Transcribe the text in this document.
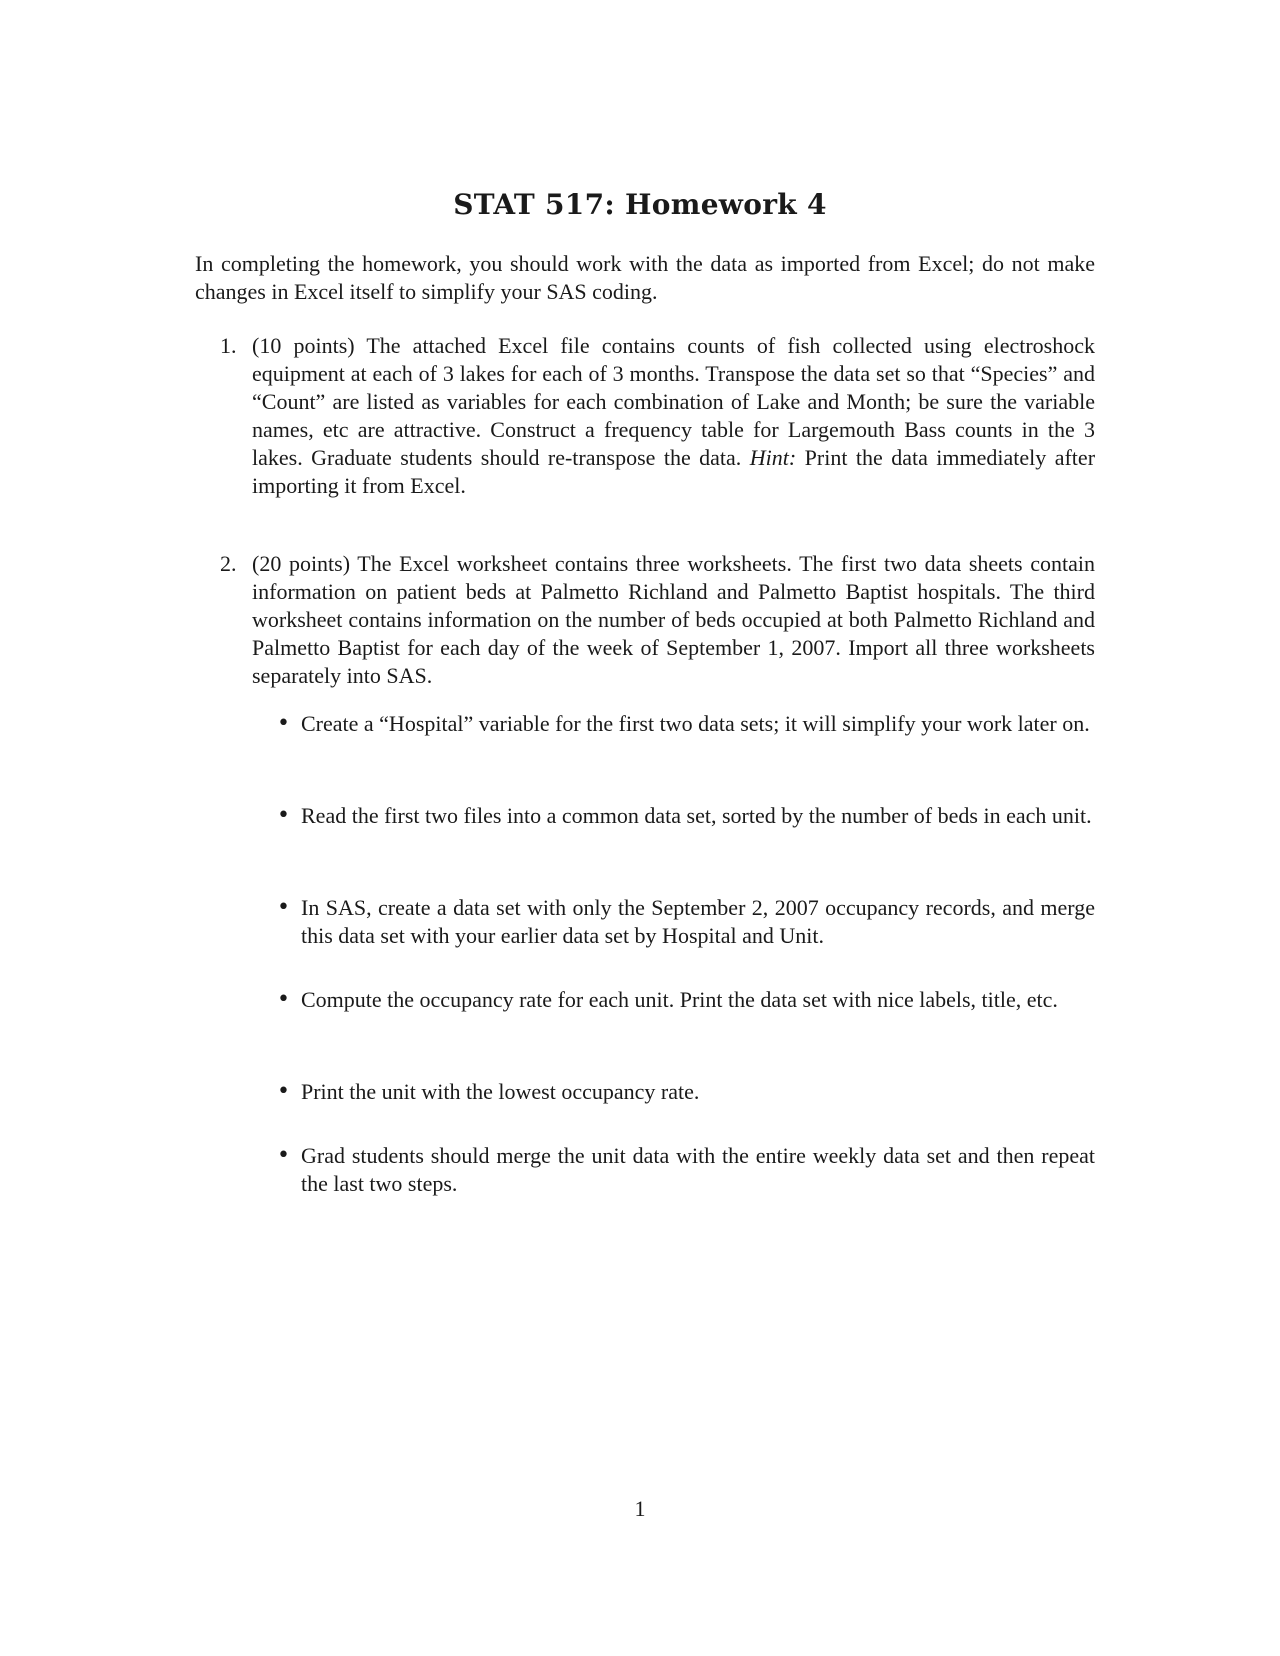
STAT 517: Homework 4

In completing the homework, you should work with the data as imported from Excel; do not make changes in Excel itself to simplify your SAS coding.

1. (10 points) The attached Excel file contains counts of fish collected using electroshock equipment at each of 3 lakes for each of 3 months. Transpose the data set so that “Species” and “Count” are listed as variables for each combination of Lake and Month; be sure the variable names, etc are attractive. Construct a frequency table for Largemouth Bass counts in the 3 lakes. Graduate students should re-transpose the data. Hint: Print the data immediately after importing it from Excel.
2. (20 points) The Excel worksheet contains three worksheets. The first two data sheets contain information on patient beds at Palmetto Richland and Palmetto Baptist hospitals. The third worksheet contains information on the number of beds occupied at both Palmetto Richland and Palmetto Baptist for each day of the week of September 1, 2007. Import all three worksheets separately into SAS.
• Create a “Hospital” variable for the first two data sets; it will simplify your work later on.
• Read the first two files into a common data set, sorted by the number of beds in each unit.
• In SAS, create a data set with only the September 2, 2007 occupancy records, and merge this data set with your earlier data set by Hospital and Unit.
• Compute the occupancy rate for each unit. Print the data set with nice labels, title, etc.
• Print the unit with the lowest occupancy rate.
• Grad students should merge the unit data with the entire weekly data set and then repeat the last two steps.
1
